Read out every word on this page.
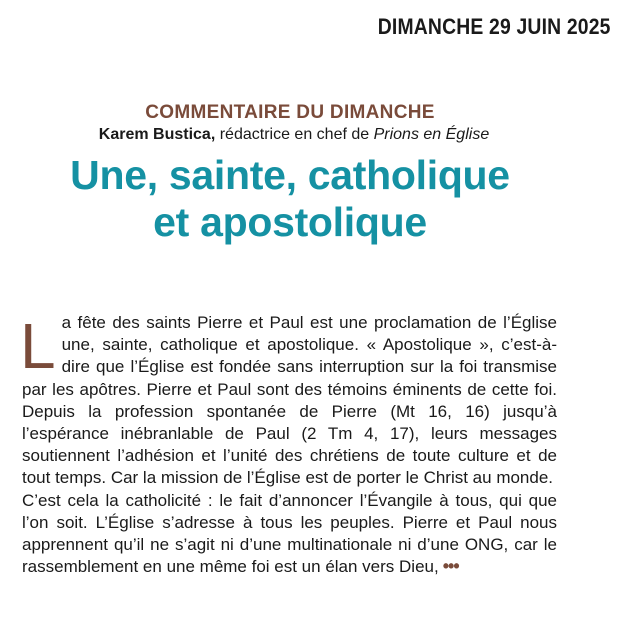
DIMANCHE 29 JUIN 2025
COMMENTAIRE DU DIMANCHE
Karem Bustica, rédactrice en chef de Prions en Église
Une, sainte, catholique
et apostolique

La fête des saints Pierre et Paul est une proclamation de l’Église une, sainte, catholique et apostolique. « Apostolique », c’est-à-dire que l’Église est fondée sans interruption sur la foi transmise par les apôtres. Pierre et Paul sont des témoins éminents de cette foi. Depuis la profession spontanée de Pierre (Mt 16, 16) jusqu’à l’espérance inébranlable de Paul (2 Tm 4, 17), leurs messages soutiennent l’adhésion et l’unité des chrétiens de toute culture et de tout temps. Car la mission de l’Église est de porter le Christ au monde.

C’est cela la catholicité : le fait d’annoncer l’Évangile à tous, qui que l’on soit. L’Église s’adresse à tous les peuples. Pierre et Paul nous apprennent qu’il ne s’agit ni d’une multinationale ni d’une ONG, car le rassemblement en une même foi est un élan vers Dieu, •••
